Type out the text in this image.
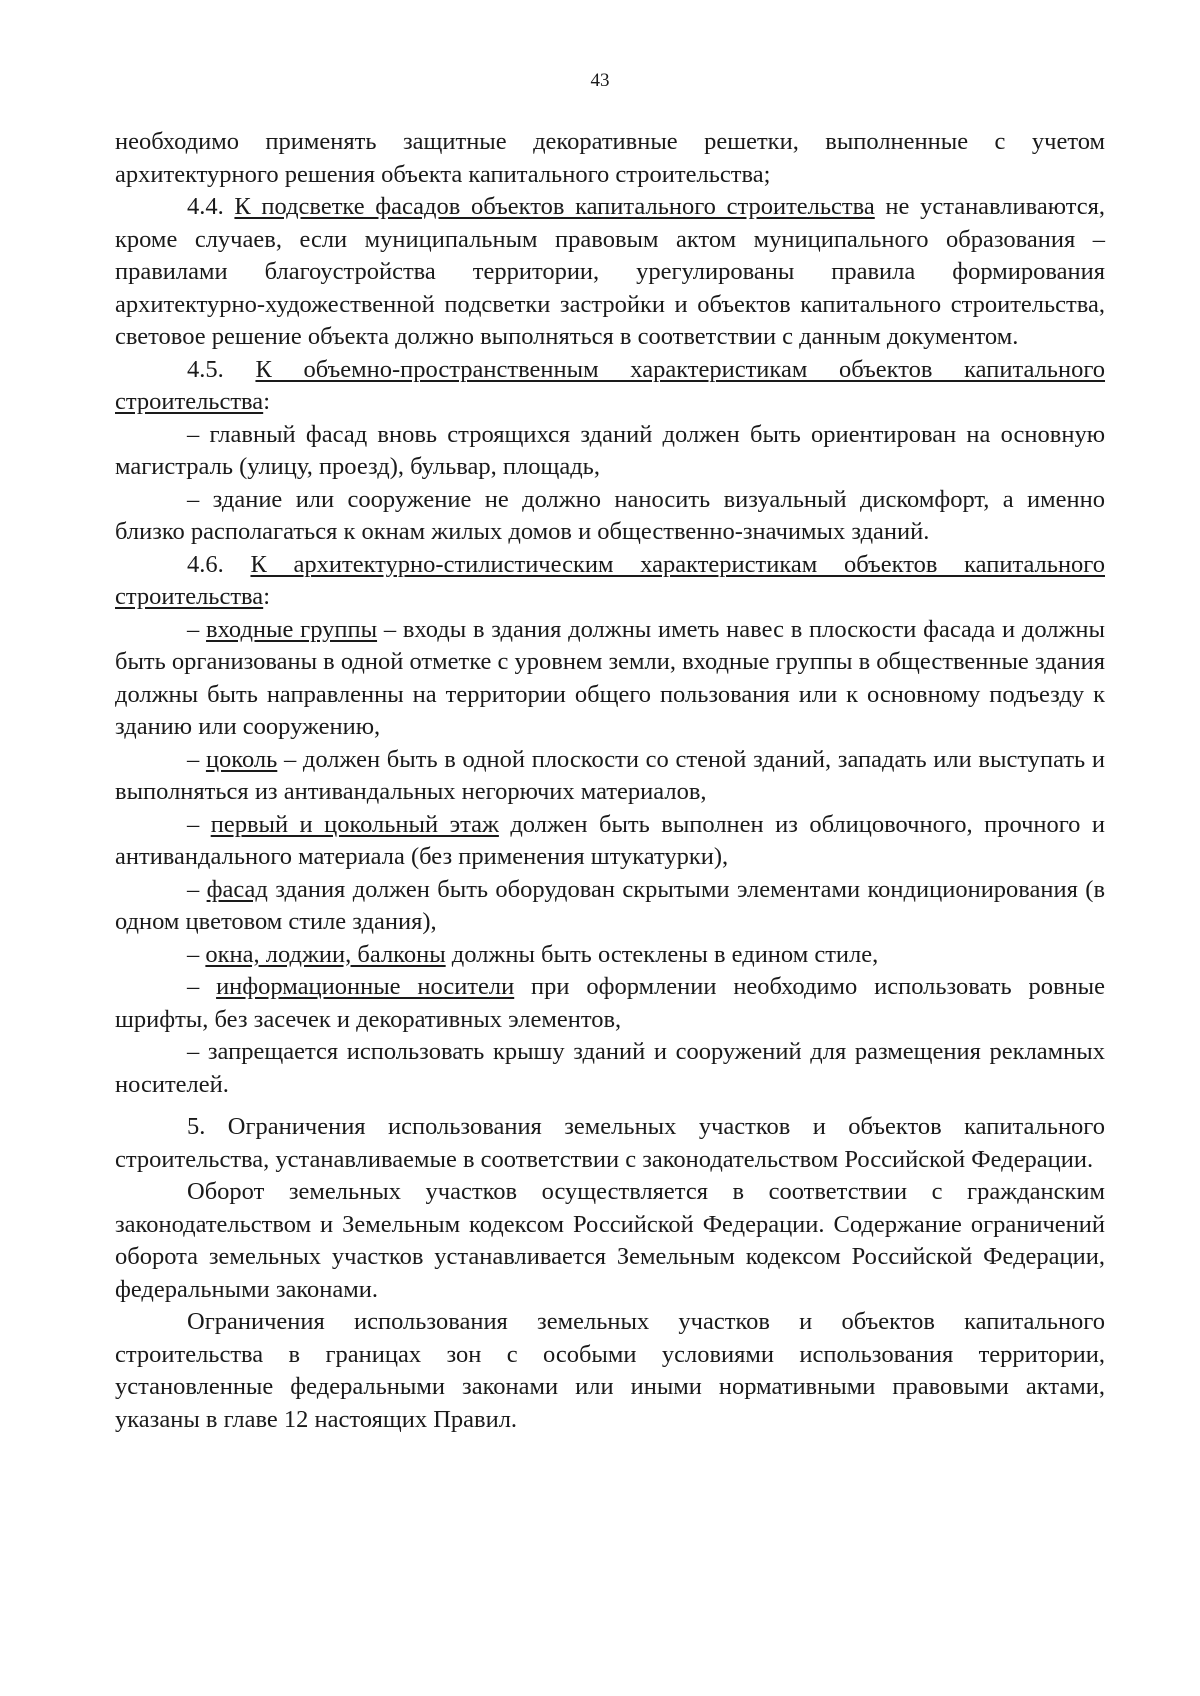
43

необходимо применять защитные декоративные решетки, выполненные с учетом архитектурного решения объекта капитального строительства;

4.4. К подсветке фасадов объектов капитального строительства не устанавливаются, кроме случаев, если муниципальным правовым актом муниципального образования – правилами благоустройства территории, урегулированы правила формирования архитектурно-художественной подсветки застройки и объектов капитального строительства, световое решение объекта должно выполняться в соответствии с данным документом.

4.5. К объемно-пространственным характеристикам объектов капитального строительства:

– главный фасад вновь строящихся зданий должен быть ориентирован на основную магистраль (улицу, проезд), бульвар, площадь,

– здание или сооружение не должно наносить визуальный дискомфорт, а именно близко располагаться к окнам жилых домов и общественно-значимых зданий.

4.6. К архитектурно-стилистическим характеристикам объектов капитального строительства:

– входные группы – входы в здания должны иметь навес в плоскости фасада и должны быть организованы в одной отметке с уровнем земли, входные группы в общественные здания должны быть направленны на территории общего пользования или к основному подъезду к зданию или сооружению,

– цоколь – должен быть в одной плоскости со стеной зданий, западать или выступать и выполняться из антивандальных негорючих материалов,

– первый и цокольный этаж должен быть выполнен из облицовочного, прочного и антивандального материала (без применения штукатурки),

– фасад здания должен быть оборудован скрытыми элементами кондиционирования (в одном цветовом стиле здания),

– окна, лоджии, балконы должны быть остеклены в едином стиле,

– информационные носители при оформлении необходимо использовать ровные шрифты, без засечек и декоративных элементов,

– запрещается использовать крышу зданий и сооружений для размещения рекламных носителей.

5. Ограничения использования земельных участков и объектов капитального строительства, устанавливаемые в соответствии с законодательством Российской Федерации.

Оборот земельных участков осуществляется в соответствии с гражданским законодательством и Земельным кодексом Российской Федерации. Содержание ограничений оборота земельных участков устанавливается Земельным кодексом Российской Федерации, федеральными законами.

Ограничения использования земельных участков и объектов капитального строительства в границах зон с особыми условиями использования территории, установленные федеральными законами или иными нормативными правовыми актами, указаны в главе 12 настоящих Правил.
